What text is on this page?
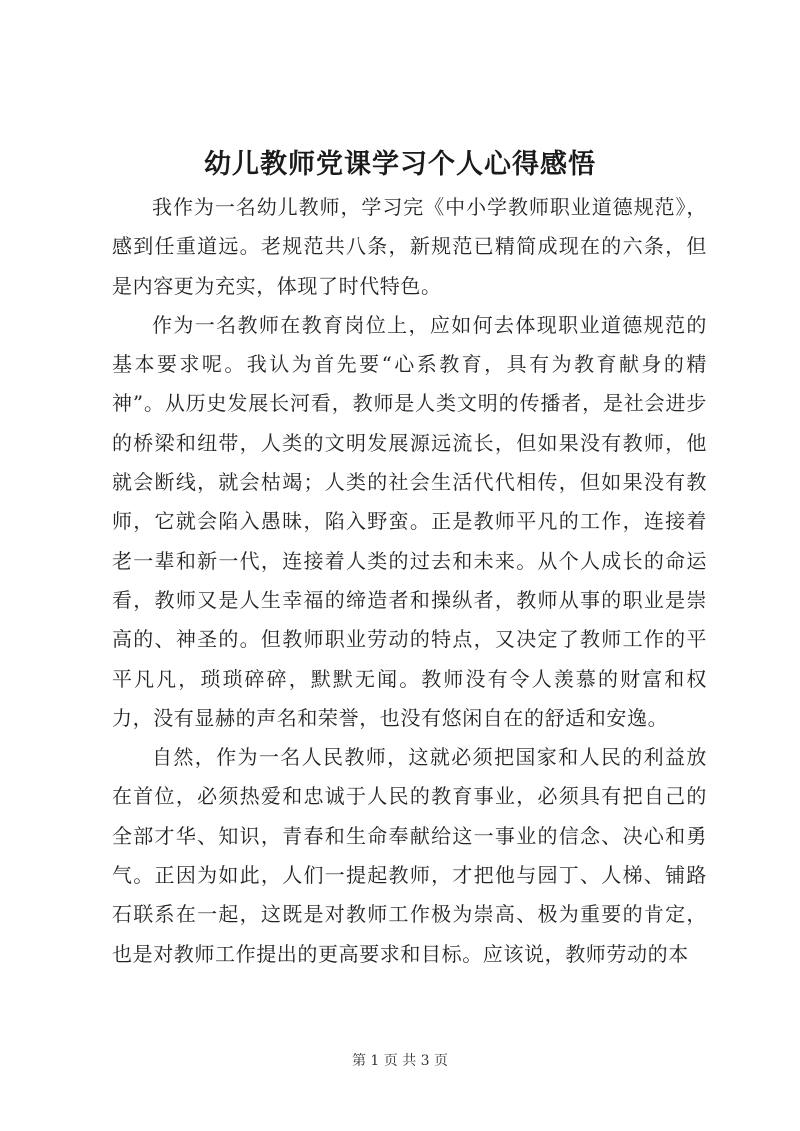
幼儿教师党课学习个人心得感悟

我作为一名幼儿教师，学习完《中小学教师职业道德规范》，感到任重道远。老规范共八条，新规范已精简成现在的六条，但是内容更为充实，体现了时代特色。

作为一名教师在教育岗位上，应如何去体现职业道德规范的基本要求呢。我认为首先要“心系教育，具有为教育献身的精神”。从历史发展长河看，教师是人类文明的传播者，是社会进步的桥梁和纽带，人类的文明发展源远流长，但如果没有教师，他就会断线，就会枯竭；人类的社会生活代代相传，但如果没有教师，它就会陷入愚昧，陷入野蛮。正是教师平凡的工作，连接着老一辈和新一代，连接着人类的过去和未来。从个人成长的命运看，教师又是人生幸福的缔造者和操纵者，教师从事的职业是崇高的、神圣的。但教师职业劳动的特点，又决定了教师工作的平平凡凡，琐琐碎碎，默默无闻。教师没有令人羡慕的财富和权力，没有显赫的声名和荣誉，也没有悠闲自在的舒适和安逸。

自然，作为一名人民教师，这就必须把国家和人民的利益放在首位，必须热爱和忠诚于人民的教育事业，必须具有把自己的全部才华、知识，青春和生命奉献给这一事业的信念、决心和勇气。正因为如此，人们一提起教师，才把他与园丁、人梯、铺路石联系在一起，这既是对教师工作极为崇高、极为重要的肯定，也是对教师工作提出的更高要求和目标。应该说，教师劳动的本

第 1 页 共 3 页
